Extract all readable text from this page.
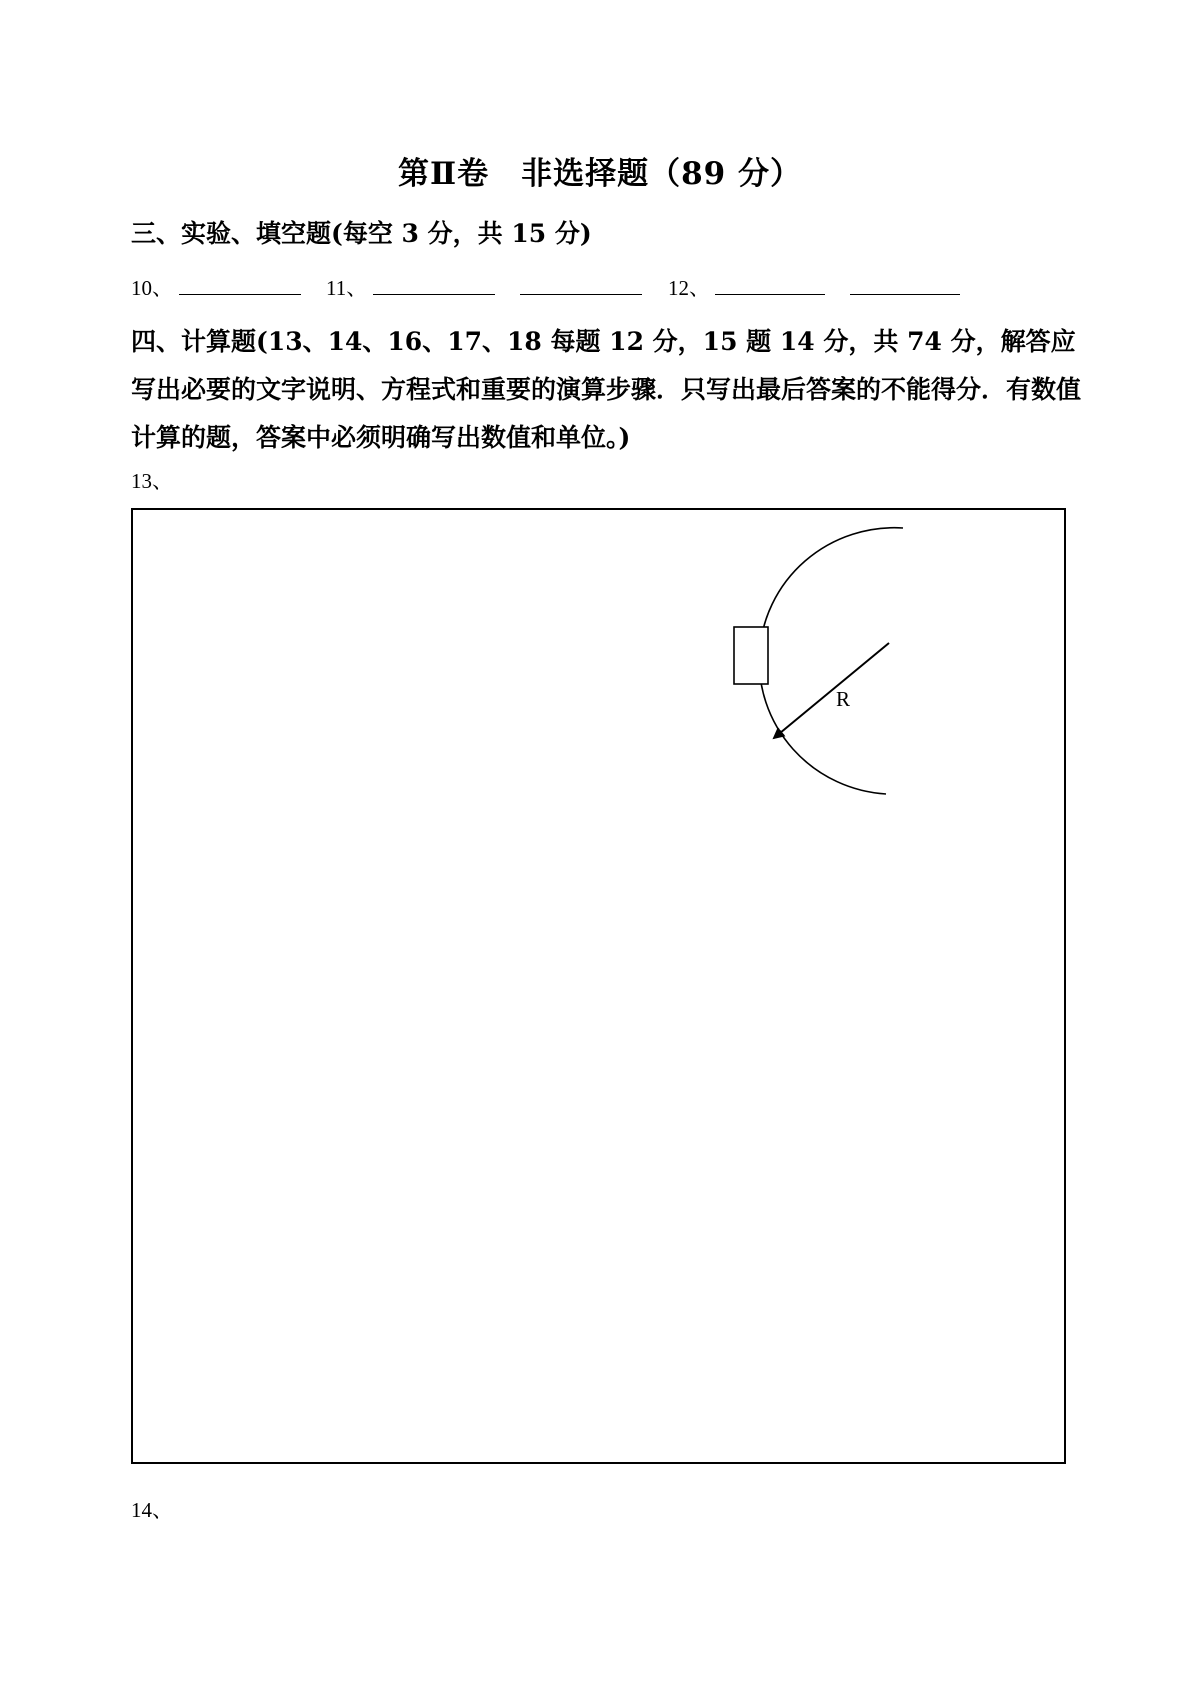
第Ⅱ卷　非选择题（89 分）
三、实验、填空题(每空 3 分，共 15 分)
10、	11、	12、
四、计算题(13、14、16、17、18 每题 12 分，15 题 14 分，共 74 分，解答应写出必要的文字说明、方程式和重要的演算步骤．只写出最后答案的不能得分．有数值计算的题，答案中必须明确写出数值和单位。)
13、
R
14、
